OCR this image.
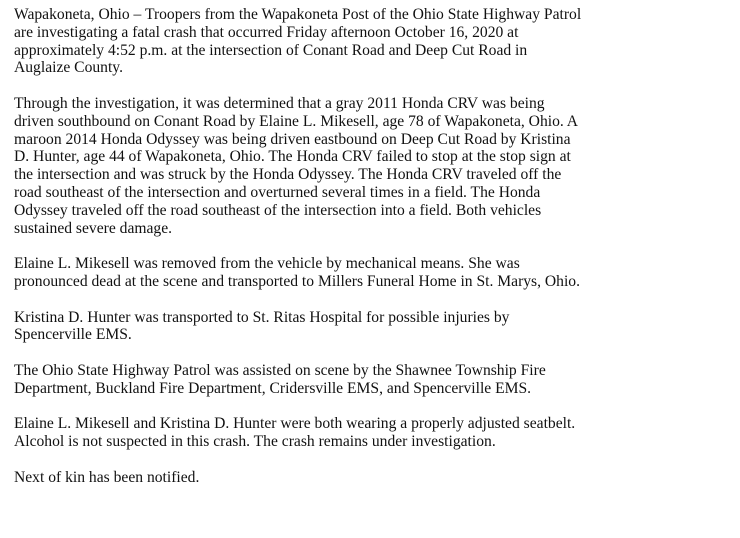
Wapakoneta, Ohio – Troopers from the Wapakoneta Post of the Ohio State Highway Patrol
are investigating a fatal crash that occurred Friday afternoon October 16, 2020 at
approximately 4:52 p.m. at the intersection of Conant Road and Deep Cut Road in
Auglaize County.

Through the investigation, it was determined that a gray 2011 Honda CRV was being
driven southbound on Conant Road by Elaine L. Mikesell, age 78 of Wapakoneta, Ohio. A
maroon 2014 Honda Odyssey was being driven eastbound on Deep Cut Road by Kristina
D. Hunter, age 44 of Wapakoneta, Ohio. The Honda CRV failed to stop at the stop sign at
the intersection and was struck by the Honda Odyssey. The Honda CRV traveled off the
road southeast of the intersection and overturned several times in a field. The Honda
Odyssey traveled off the road southeast of the intersection into a field. Both vehicles
sustained severe damage.

Elaine L. Mikesell was removed from the vehicle by mechanical means. She was
pronounced dead at the scene and transported to Millers Funeral Home in St. Marys, Ohio.

Kristina D. Hunter was transported to St. Ritas Hospital for possible injuries by
Spencerville EMS.

The Ohio State Highway Patrol was assisted on scene by the Shawnee Township Fire
Department, Buckland Fire Department, Cridersville EMS, and Spencerville EMS.

Elaine L. Mikesell and Kristina D. Hunter were both wearing a properly adjusted seatbelt.
Alcohol is not suspected in this crash. The crash remains under investigation.

Next of kin has been notified.
